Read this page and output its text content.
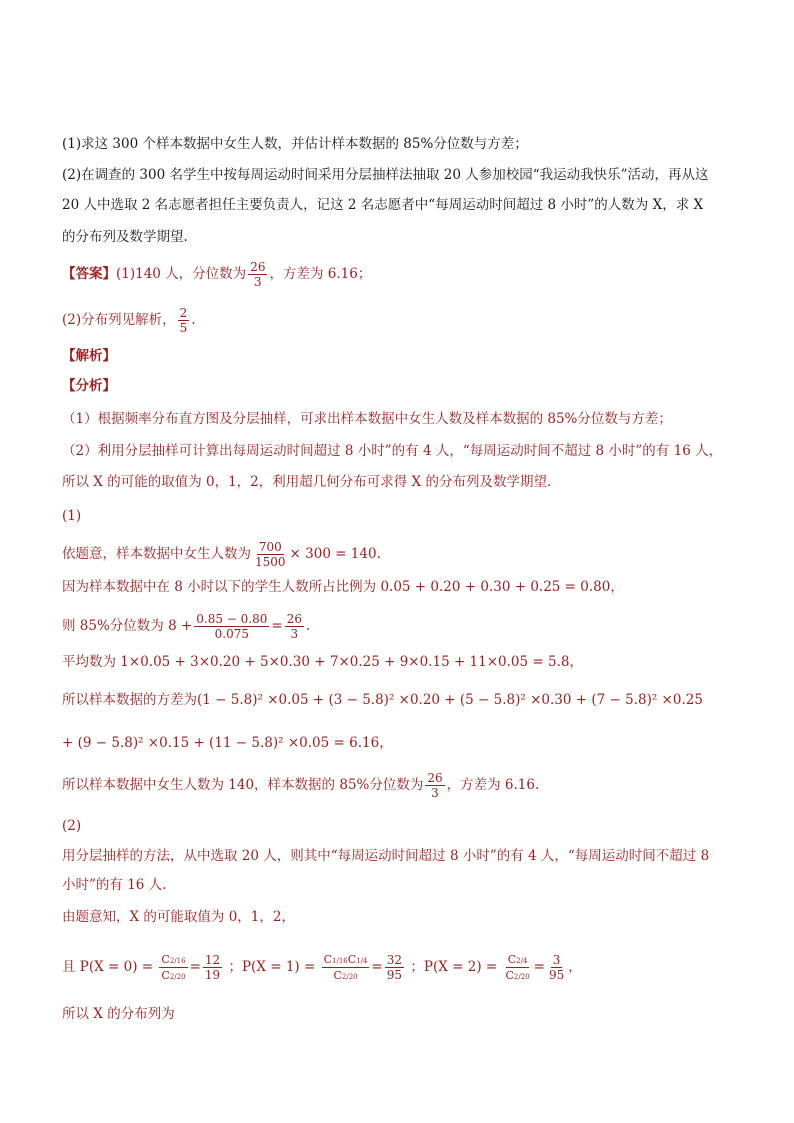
(1)求这 300 个样本数据中女生人数，并估计样本数据的 85%分位数与方差；
(2)在调查的 300 名学生中按每周运动时间采用分层抽样法抽取 20 人参加校园“我运动我快乐”活动，再从这
20 人中选取 2 名志愿者担任主要负责人，记这 2 名志愿者中“每周运动时间超过 8 小时”的人数为 X，求 X
的分布列及数学期望.
【答案】(1)140 人，分位数为 $\frac{26}{3}$ ，方差为 6.16；
(2)分布列见解析， $\frac{2}{5}$ .
【解析】
【分析】
（1）根据频率分布直方图及分层抽样，可求出样本数据中女生人数及样本数据的 85%分位数与方差；
（2）利用分层抽样可计算出每周运动时间超过 8 小时”的有 4 人，“每周运动时间不超过 8 小时”的有 16 人，
所以 X 的可能的取值为 0，1，2，利用超几何分布可求得 X 的分布列及数学期望.
(1)
依题意，样本数据中女生人数为 $\frac{700}{1500} \times 300 = 140$.
因为样本数据中在 8 小时以下的学生人数所占比例为 0.05 + 0.20 + 0.30 + 0.25 = 0.80，
则 85%分位数为 $8 + \frac{0.85 - 0.80}{0.075} = \frac{26}{3}$ .
平均数为 1×0.05 + 3×0.20 + 5×0.30 + 7×0.25 + 9×0.15 + 11×0.05 = 5.8，
所以样本数据的方差为(1 − 5.8)² ×0.05 + (3 − 5.8)² ×0.20 + (5 − 5.8)² ×0.30 + (7 − 5.8)² ×0.25
+ (9 − 5.8)² ×0.15 + (11 − 5.8)² ×0.05 = 6.16，
所以样本数据中女生人数为 140，样本数据的 85%分位数为 $\frac{26}{3}$ ，方差为 6.16.
(2)
用分层抽样的方法，从中选取 20 人，则其中“每周运动时间超过 8 小时”的有 4 人，“每周运动时间不超过 8
小时”的有 16 人.
由题意知，X 的可能取值为 0，1，2，
且 $P(X = 0) = \frac{C 2/16}{C2/20} = \frac{12}{19}$ ；$P(X = 1) = \frac{C1/16C1/4}{C2/20} = \frac{32}{95}$ ；$P(X = 2) = \frac{C2/4}{C2/20} = \frac{3}{95}$ ，
所以 X 的分布列为
